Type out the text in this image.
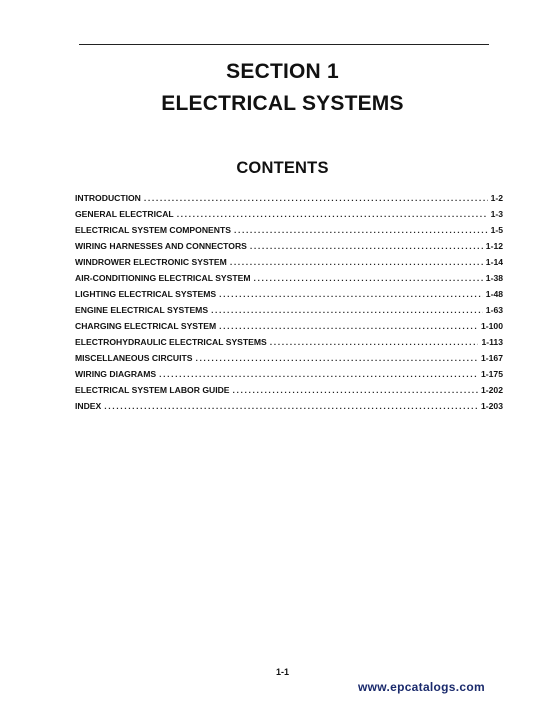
SECTION 1
ELECTRICAL SYSTEMS
CONTENTS
INTRODUCTION .....	1-2
GENERAL ELECTRICAL .....	1-3
ELECTRICAL SYSTEM COMPONENTS .....	1-5
WIRING HARNESSES AND CONNECTORS .....	1-12
WINDROWER ELECTRONIC SYSTEM .....	1-14
AIR-CONDITIONING ELECTRICAL SYSTEM .....	1-38
LIGHTING ELECTRICAL SYSTEMS .....	1-48
ENGINE ELECTRICAL SYSTEMS .....	1-63
CHARGING ELECTRICAL SYSTEM .....	1-100
ELECTROHYDRAULIC ELECTRICAL SYSTEMS .....	1-113
MISCELLANEOUS CIRCUITS .....	1-167
WIRING DIAGRAMS .....	1-175
ELECTRICAL SYSTEM LABOR GUIDE .....	1-202
INDEX .....	1-203
1-1
www.epcatalogs.com
